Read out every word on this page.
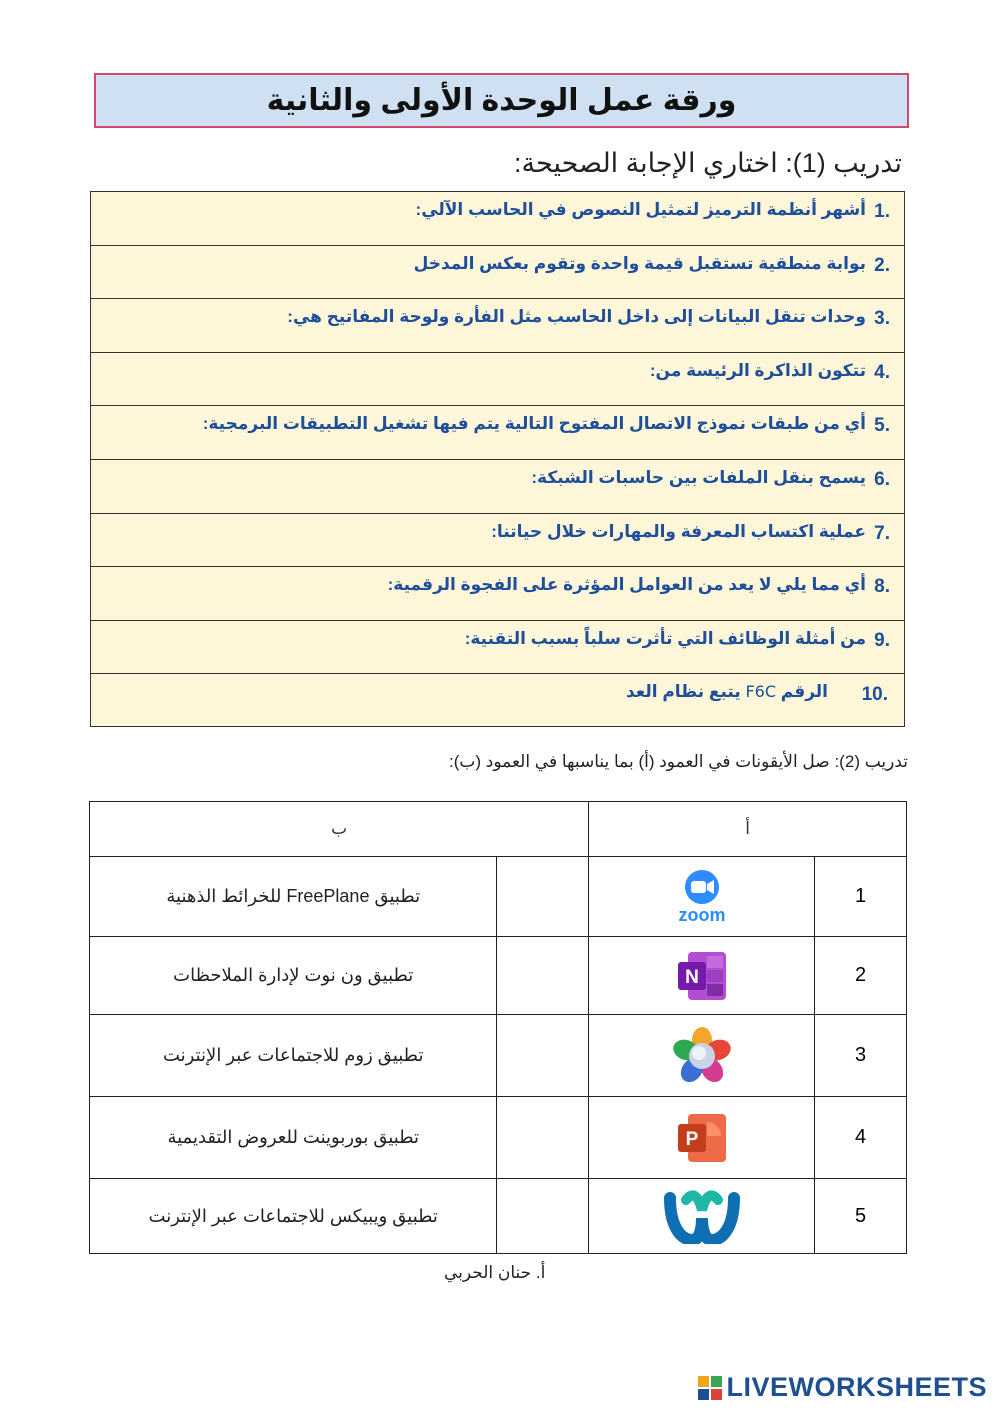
ورقة عمل الوحدة الأولى والثانية
تدريب (1): اختاري الإجابة الصحيحة:
1.
أشهر أنظمة الترميز لتمثيل النصوص في الحاسب الآلي:
2.
بوابة منطقية تستقبل قيمة واحدة وتقوم بعكس المدخل
3.
وحدات تنقل البيانات إلى داخل الحاسب مثل الفأرة ولوحة المفاتيح هي:
4.
تتكون الذاكرة الرئيسة من:
5.
أي من طبقات نموذج الاتصال المفتوح التالية يتم فيها تشغيل التطبيقات البرمجية:
6.
يسمح بنقل الملفات بين حاسبات الشبكة:
7.
عملية اكتساب المعرفة والمهارات خلال حياتنا:
8.
أي مما يلي لا يعد من العوامل المؤثرة على الفجوة الرقمية:
9.
من أمثلة الوظائف التي تأثرت سلباً بسبب التقنية:
10.
الرقم F6C يتبع نظام العد
تدريب (2): صل الأيقونات في العمود (أ) بما يناسبها في العمود (ب):
ب		أ	
تطبيق FreePlane للخرائط الذهنية		zoom	1
تطبيق ون نوت لإدارة الملاحظات		N	2
تطبيق زوم للاجتماعات عبر الإنترنت			3
تطبيق بوربوينت للعروض التقديمية		P	4
تطبيق ويبيكس للاجتماعات عبر الإنترنت			5
أ. حنان الحربي
LIVEWORKSHEETS
